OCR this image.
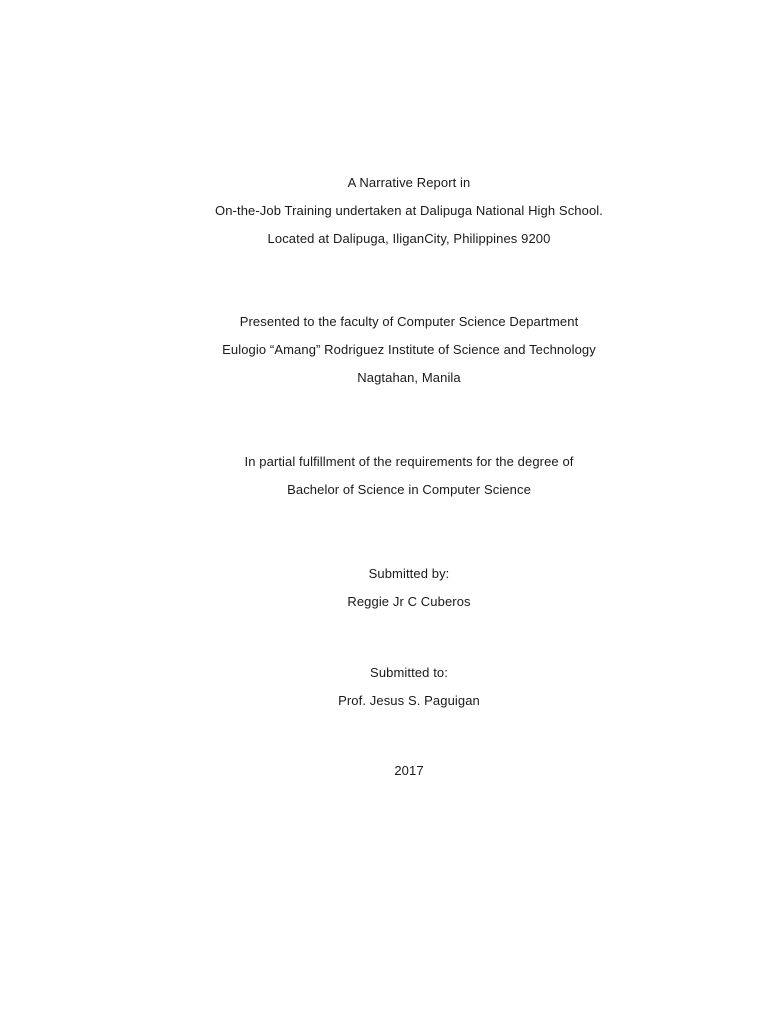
A Narrative Report in
On-the-Job Training undertaken at Dalipuga National High School.
Located at Dalipuga, IliganCity, Philippines 9200
Presented to the faculty of Computer Science Department
Eulogio “Amang” Rodriguez Institute of Science and Technology
Nagtahan, Manila
In partial fulfillment of the requirements for the degree of
Bachelor of Science in Computer Science
Submitted by:
Reggie Jr C Cuberos
Submitted to:
Prof. Jesus S. Paguigan
2017
